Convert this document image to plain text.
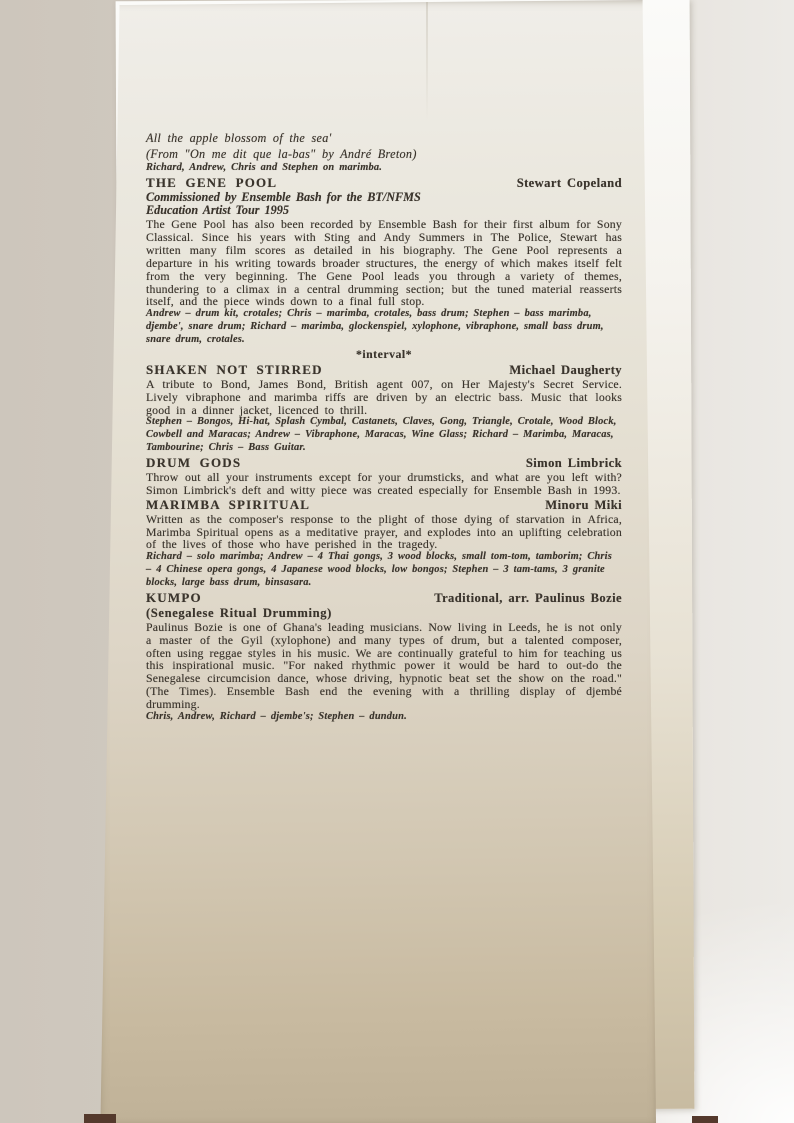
All the apple blossom of the sea'
(From "On me dit que la-bas" by André Breton)
Richard, Andrew, Chris and Stephen on marimba.
THE GENE POOL	Stewart Copeland
Commissioned by Ensemble Bash for the BT/NFMS
Education Artist Tour 1995
The Gene Pool has also been recorded by Ensemble Bash for their first album for Sony Classical. Since his years with Sting and Andy Summers in The Police, Stewart has written many film scores as detailed in his biography. The Gene Pool represents a departure in his writing towards broader structures, the energy of which makes itself felt from the very beginning. The Gene Pool leads you through a variety of themes, thundering to a climax in a central drumming section; but the tuned material reasserts itself, and the piece winds down to a final full stop.
Andrew – drum kit, crotales; Chris – marimba, crotales, bass drum; Stephen – bass marimba, djembe', snare drum; Richard – marimba, glockenspiel, xylophone, vibraphone, small bass drum, snare drum, crotales.
*interval*
SHAKEN NOT STIRRED	Michael Daugherty
A tribute to Bond, James Bond, British agent 007, on Her Majesty's Secret Service. Lively vibraphone and marimba riffs are driven by an electric bass. Music that looks good in a dinner jacket, licenced to thrill.
Stephen – Bongos, Hi-hat, Splash Cymbal, Castanets, Claves, Gong, Triangle, Crotale, Wood Block, Cowbell and Maracas; Andrew – Vibraphone, Maracas, Wine Glass; Richard – Marimba, Maracas, Tambourine; Chris – Bass Guitar.
DRUM GODS	Simon Limbrick
Throw out all your instruments except for your drumsticks, and what are you left with? Simon Limbrick's deft and witty piece was created especially for Ensemble Bash in 1993.
MARIMBA SPIRITUAL	Minoru Miki
Written as the composer's response to the plight of those dying of starvation in Africa, Marimba Spiritual opens as a meditative prayer, and explodes into an uplifting celebration of the lives of those who have perished in the tragedy.
Richard – solo marimba; Andrew – 4 Thai gongs, 3 wood blocks, small tom-tom, tamborim; Chris – 4 Chinese opera gongs, 4 Japanese wood blocks, low bongos; Stephen – 3 tam-tams, 3 granite blocks, large bass drum, binsasara.
KUMPO	Traditional, arr. Paulinus Bozie
(Senegalese Ritual Drumming)
Paulinus Bozie is one of Ghana's leading musicians. Now living in Leeds, he is not only a master of the Gyil (xylophone) and many types of drum, but a talented composer, often using reggae styles in his music. We are continually grateful to him for teaching us this inspirational music. "For naked rhythmic power it would be hard to out-do the Senegalese circumcision dance, whose driving, hypnotic beat set the show on the road." (The Times). Ensemble Bash end the evening with a thrilling display of djembé drumming.
Chris, Andrew, Richard – djembe's; Stephen – dundun.
